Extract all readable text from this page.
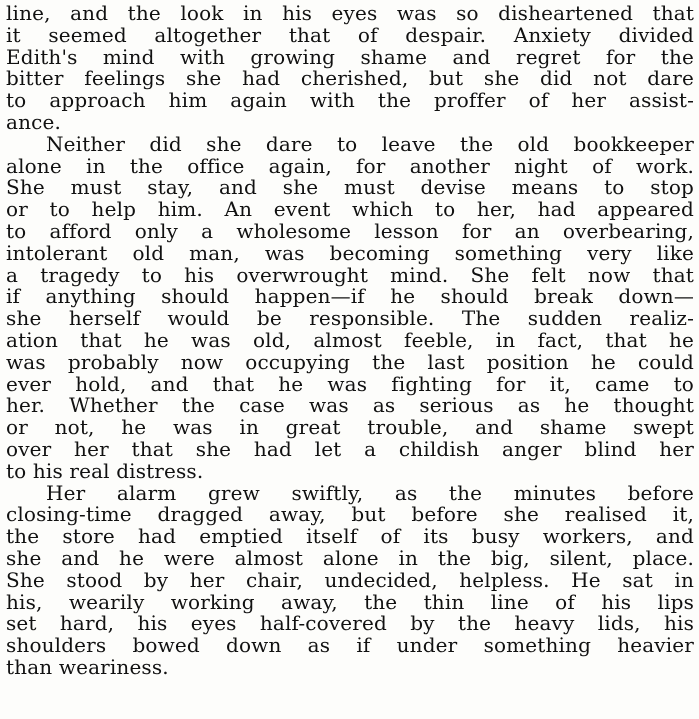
line, and the look in his eyes was so disheartened that
it seemed altogether that of despair. Anxiety divided
Edith's mind with growing shame and regret for the
bitter feelings she had cherished, but she did not dare
to approach him again with the proffer of her assist-
ance.
Neither did she dare to leave the old bookkeeper
alone in the office again, for another night of work.
She must stay, and she must devise means to stop
or to help him. An event which to her, had appeared
to afford only a wholesome lesson for an overbearing,
intolerant old man, was becoming something very like
a tragedy to his overwrought mind. She felt now that
if anything should happen—if he should break down—
she herself would be responsible. The sudden realiz-
ation that he was old, almost feeble, in fact, that he
was probably now occupying the last position he could
ever hold, and that he was fighting for it, came to
her. Whether the case was as serious as he thought
or not, he was in great trouble, and shame swept
over her that she had let a childish anger blind her
to his real distress.
Her alarm grew swiftly, as the minutes before
closing-time dragged away, but before she realised it,
the store had emptied itself of its busy workers, and
she and he were almost alone in the big, silent, place.
She stood by her chair, undecided, helpless. He sat in
his, wearily working away, the thin line of his lips
set hard, his eyes half-covered by the heavy lids, his
shoulders bowed down as if under something heavier
than weariness.
